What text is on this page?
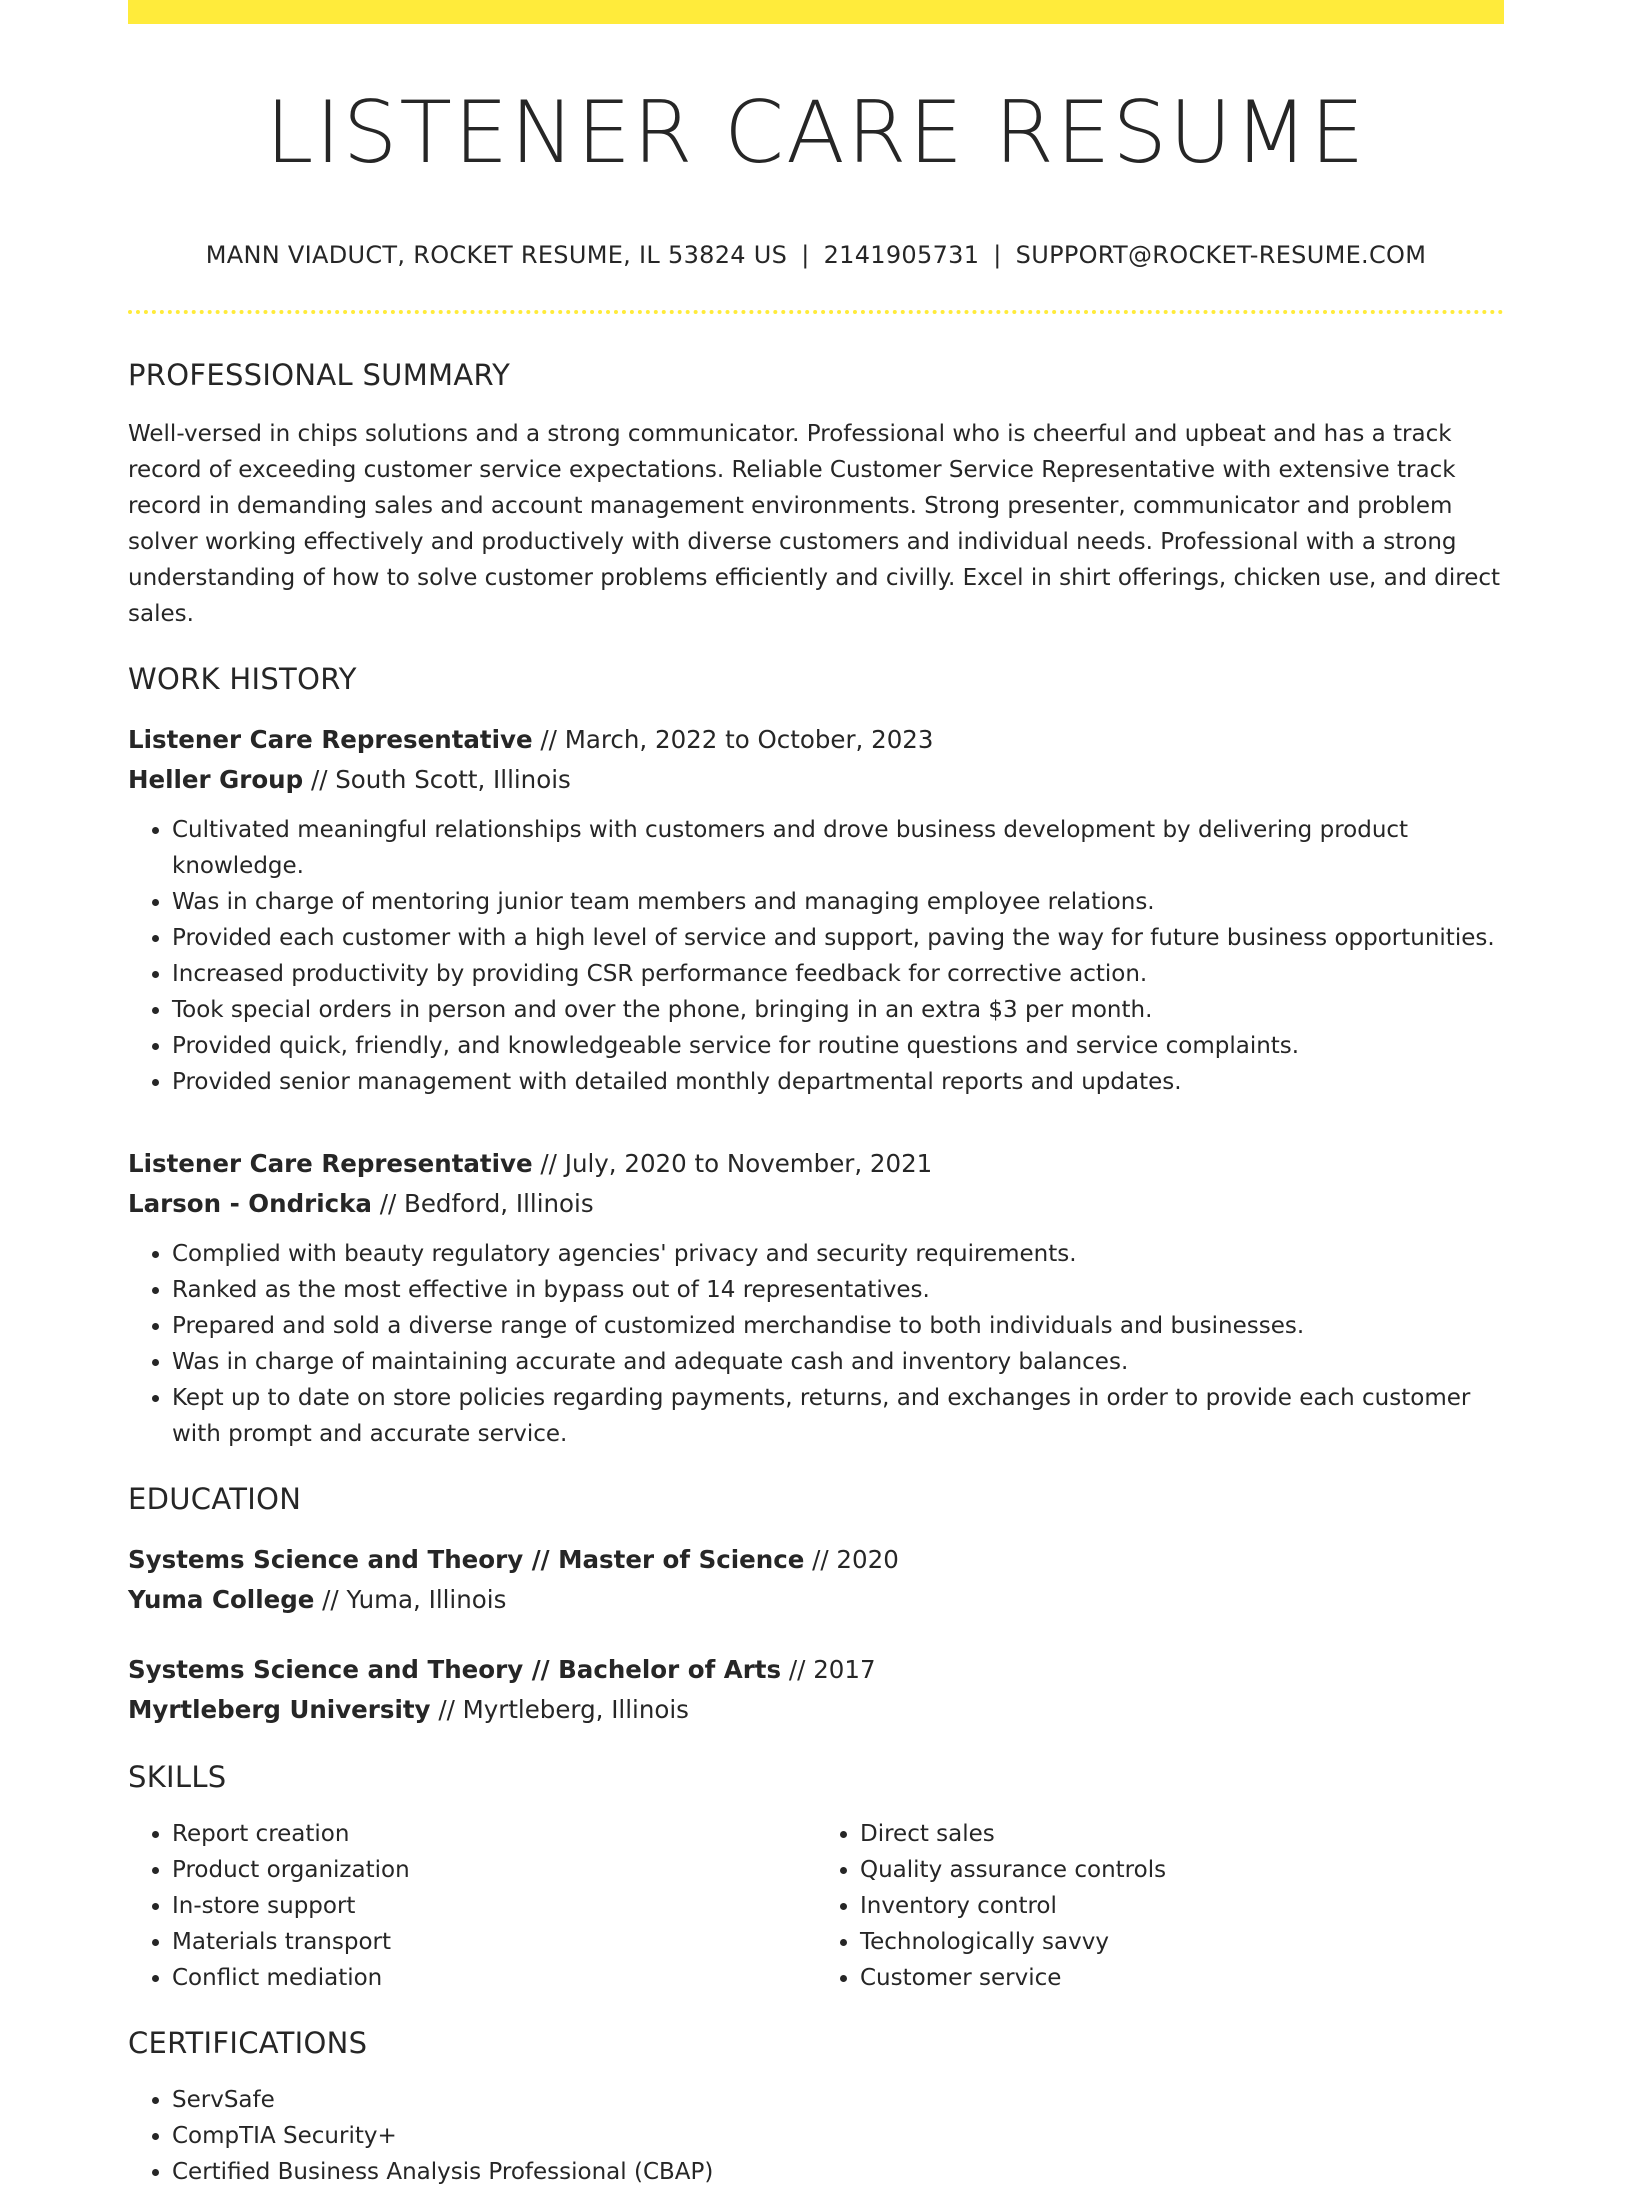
LISTENER CARE RESUME
MANN VIADUCT, ROCKET RESUME, IL 53824 US | 2141905731 | SUPPORT@ROCKET-RESUME.COM
PROFESSIONAL SUMMARY

Well-versed in chips solutions and a strong communicator. Professional who is cheerful and upbeat and has a track record of exceeding customer service expectations. Reliable Customer Service Representative with extensive track record in demanding sales and account management environments. Strong presenter, communicator and problem solver working effectively and productively with diverse customers and individual needs. Professional with a strong understanding of how to solve customer problems efficiently and civilly. Excel in shirt offerings, chicken use, and direct sales.

WORK HISTORY
Listener Care Representative // March, 2022 to October, 2023
Heller Group // South Scott, Illinois
• Cultivated meaningful relationships with customers and drove business development by delivering product knowledge.
• Was in charge of mentoring junior team members and managing employee relations.
• Provided each customer with a high level of service and support, paving the way for future business opportunities.
• Increased productivity by providing CSR performance feedback for corrective action.
• Took special orders in person and over the phone, bringing in an extra $3 per month.
• Provided quick, friendly, and knowledgeable service for routine questions and service complaints.
• Provided senior management with detailed monthly departmental reports and updates.
Listener Care Representative // July, 2020 to November, 2021
Larson - Ondricka // Bedford, Illinois
• Complied with beauty regulatory agencies' privacy and security requirements.
• Ranked as the most effective in bypass out of 14 representatives.
• Prepared and sold a diverse range of customized merchandise to both individuals and businesses.
• Was in charge of maintaining accurate and adequate cash and inventory balances.
• Kept up to date on store policies regarding payments, returns, and exchanges in order to provide each customer with prompt and accurate service.
EDUCATION
Systems Science and Theory // Master of Science // 2020
Yuma College // Yuma, Illinois
Systems Science and Theory // Bachelor of Arts // 2017
Myrtleberg University // Myrtleberg, Illinois
SKILLS
• Report creation
• Product organization
• In-store support
• Materials transport
• Conflict mediation
• Direct sales
• Quality assurance controls
• Inventory control
• Technologically savvy
• Customer service
CERTIFICATIONS
• ServSafe
• CompTIA Security+
• Certified Business Analysis Professional (CBAP)
